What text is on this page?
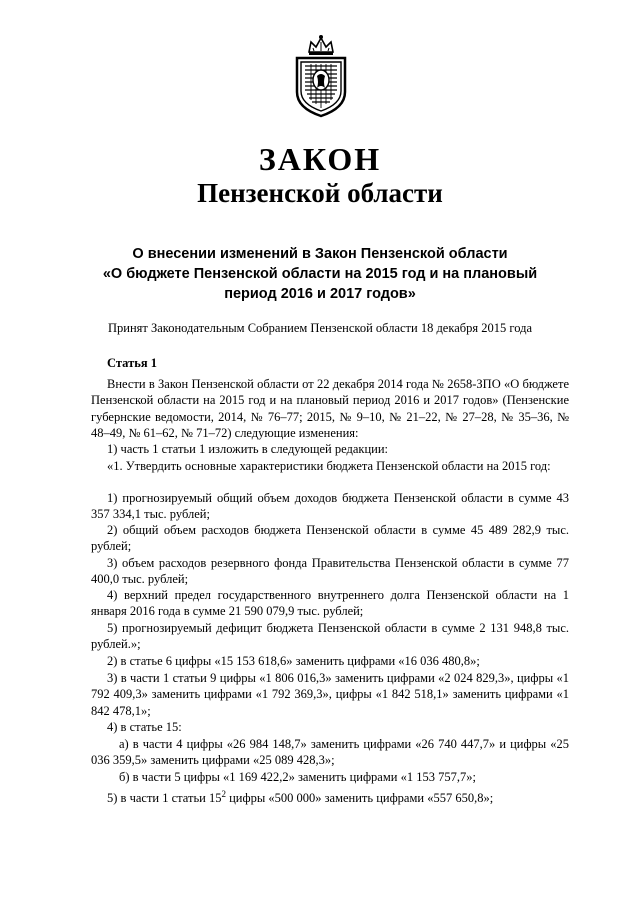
ЗАКОН
Пензенской области
О внесении изменений в Закон Пензенской области
«О бюджете Пензенской области на 2015 год и на плановый
период 2016 и 2017 годов»
Принят Законодательным Собранием Пензенской области 18 декабря 2015 года
Статья 1

Внести в Закон Пензенской области от 22 декабря 2014 года № 2658-ЗПО «О бюджете Пензенской области на 2015 год и на плановый период 2016 и 2017 годов» (Пензенские губернские ведомости, 2014, № 76–77; 2015, № 9–10, № 21–22, № 27–28, № 35–36, № 48–49, № 61–62, № 71–72) следующие изменения:

1) часть 1 статьи 1 изложить в следующей редакции:

«1. Утвердить основные характеристики бюджета Пензенской области на 2015 год:

1) прогнозируемый общий объем доходов бюджета Пензенской области в сумме 43 357 334,1 тыс. рублей;

2) общий объем расходов бюджета Пензенской области в сумме 45 489 282,9 тыс. рублей;

3) объем расходов резервного фонда Правительства Пензенской области в сумме 77 400,0 тыс. рублей;

4) верхний предел государственного внутреннего долга Пензенской области на 1 января 2016 года в сумме 21 590 079,9 тыс. рублей;

5) прогнозируемый дефицит бюджета Пензенской области в сумме 2 131 948,8 тыс. рублей.»;

2) в статье 6 цифры «15 153 618,6» заменить цифрами «16 036 480,8»;

3) в части 1 статьи 9 цифры «1 806 016,3» заменить цифрами «2 024 829,3», цифры «1 792 409,3» заменить цифрами «1 792 369,3», цифры «1 842 518,1» заменить цифрами «1 842 478,1»;

4) в статье 15:

а) в части 4 цифры «26 984 148,7» заменить цифрами «26 740 447,7» и цифры «25 036 359,5» заменить цифрами «25 089 428,3»;

б) в части 5 цифры «1 169 422,2» заменить цифрами «1 153 757,7»;

5) в части 1 статьи $15^2$ цифры «500 000» заменить цифрами «557 650,8»;
